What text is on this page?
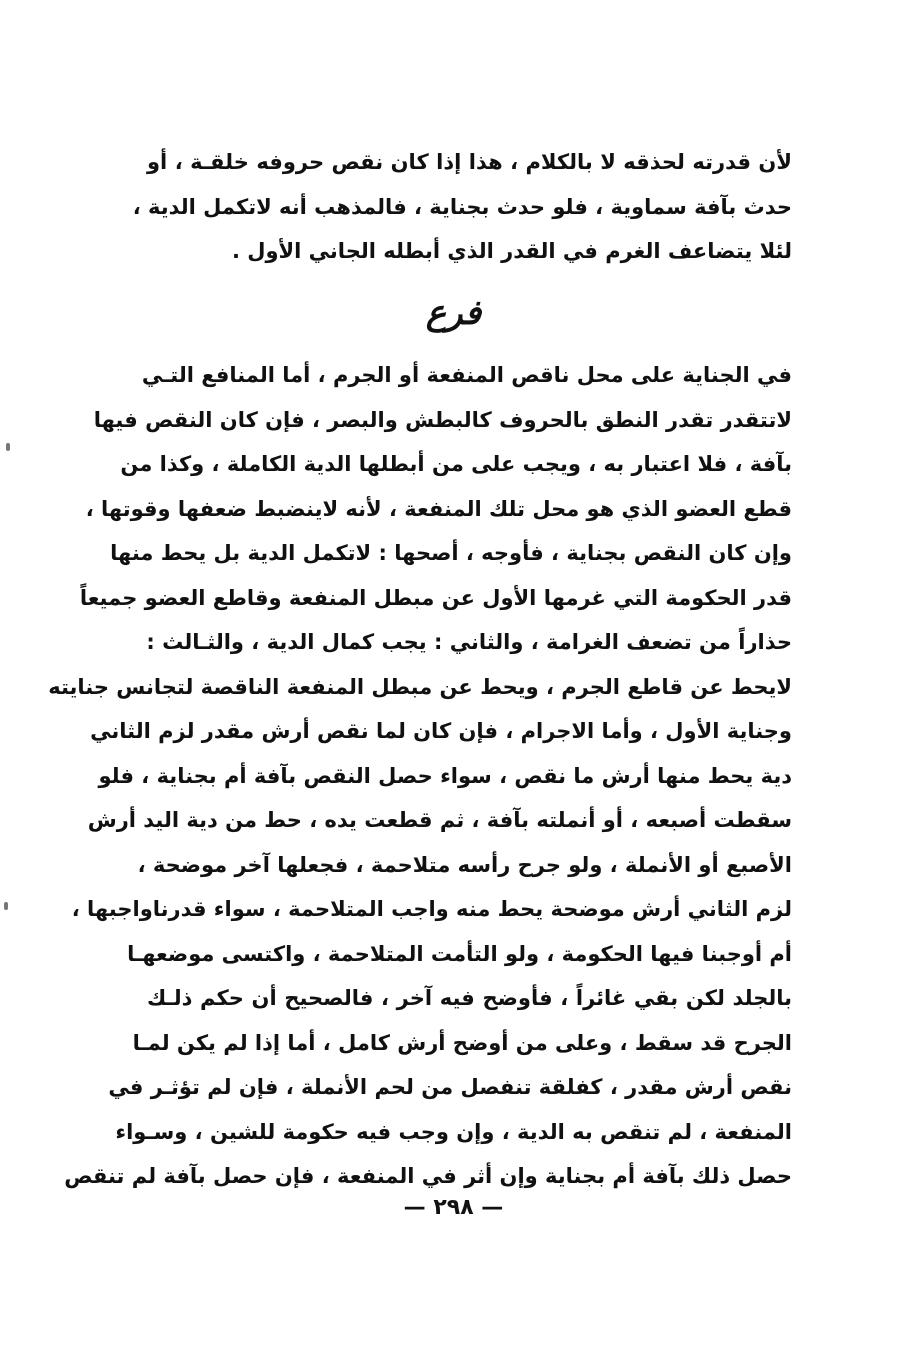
لأن قدرته لحذقه لا بالكلام ، هذا إذا كان نقص حروفه خلقـة ، أو
حدث بآفة سماوية ، فلو حدث بجناية ، فالمذهب أنه لاتكمل الدية ،
لئلا يتضاعف الغرم في القدر الذي أبطله الجاني الأول .
فرع
في الجناية على محل ناقص المنفعة أو الجرم ، أما المنافع التـي
لاتتقدر تقدر النطق بالحروف كالبطش والبصر ، فإن كان النقص فيها
بآفة ، فلا اعتبار به ، ويجب على من أبطلها الدية الكاملة ، وكذا من
قطع العضو الذي هو محل تلك المنفعة ، لأنه لاينضبط ضعفها وقوتها ،
وإن كان النقص بجناية ، فأوجه ، أصحها : لاتكمل الدية بل يحط منها
قدر الحكومة التي غرمها الأول عن مبطل المنفعة وقاطع العضو جميعاً
حذاراً من تضعف الغرامة ، والثاني : يجب كمال الدية ، والثـالث :
لايحط عن قاطع الجرم ، ويحط عن مبطل المنفعة الناقصة لتجانس جنايته
وجناية الأول ، وأما الاجرام ، فإن كان لما نقص أرش مقدر لزم الثاني
دية يحط منها أرش ما نقص ، سواء حصل النقص بآفة أم بجناية ، فلو
سقطت أصبعه ، أو أنملته بآفة ، ثم قطعت يده ، حط من دية اليد أرش
الأصبع أو الأنملة ، ولو جرح رأسه متلاحمة ، فجعلها آخر موضحة ،
لزم الثاني أرش موضحة يحط منه واجب المتلاحمة ، سواء قدرناواجبها ،
أم أوجبنا فيها الحكومة ، ولو التأمت المتلاحمة ، واكتسى موضعهـا
بالجلد لكن بقي غائراً ، فأوضح فيه آخر ، فالصحيح أن حكم ذلـك
الجرح قد سقط ، وعلى من أوضح أرش كامل ، أما إذا لم يكن لمـا
نقص أرش مقدر ، كفلقة تنفصل من لحم الأنملة ، فإن لم تؤثـر في
المنفعة ، لم تنقص به الدية ، وإن وجب فيه حكومة للشين ، وسـواء
حصل ذلك بآفة أم بجناية وإن أثر في المنفعة ، فإن حصل بآفة لم تنقص
— ٢٩٨ —
